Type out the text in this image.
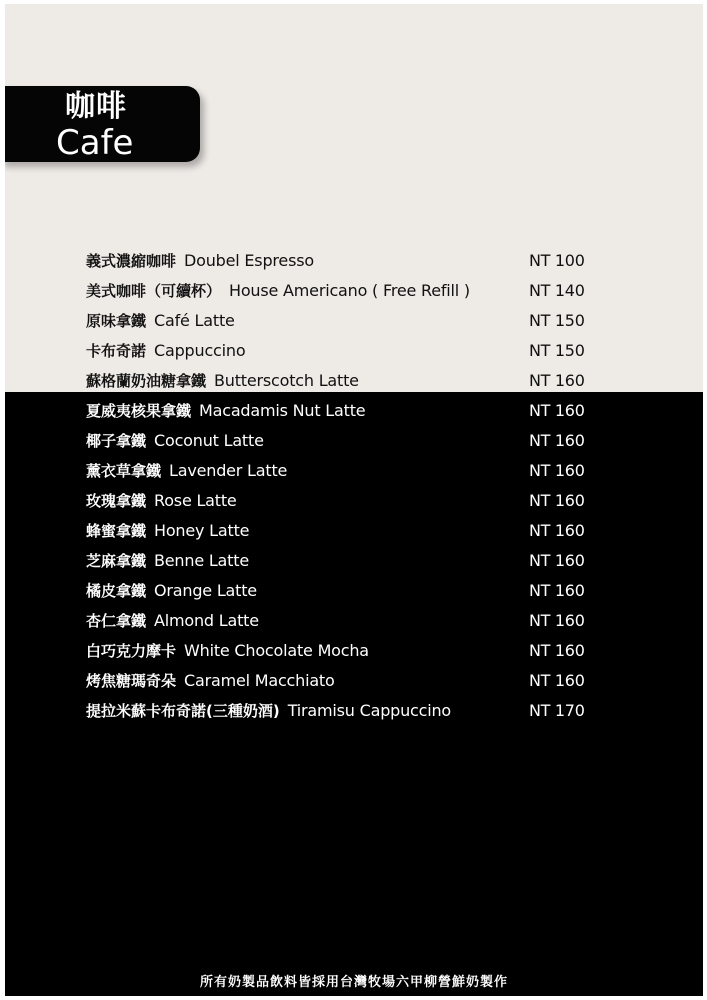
咖啡
Cafe
義式濃縮咖啡 Doubel Espresso	NT 100
美式咖啡（可續杯） House Americano ( Free Refill )	NT 140
原味拿鐵 Café Latte	NT 150
卡布奇諾 Cappuccino	NT 150
蘇格蘭奶油糖拿鐵 Butterscotch Latte	NT 160
夏威夷核果拿鐵 Macadamis Nut Latte	NT 160
椰子拿鐵 Coconut Latte	NT 160
薰衣草拿鐵 Lavender Latte	NT 160
玫瑰拿鐵 Rose Latte	NT 160
蜂蜜拿鐵 Honey Latte	NT 160
芝麻拿鐵 Benne Latte	NT 160
橘皮拿鐵 Orange Latte	NT 160
杏仁拿鐵 Almond Latte	NT 160
白巧克力摩卡 White Chocolate Mocha	NT 160
烤焦糖瑪奇朵 Caramel Macchiato	NT 160
提拉米蘇卡布奇諾(三種奶酒) Tiramisu Cappuccino	NT 170
所有奶製品飲料皆採用台灣牧場六甲柳營鮮奶製作
